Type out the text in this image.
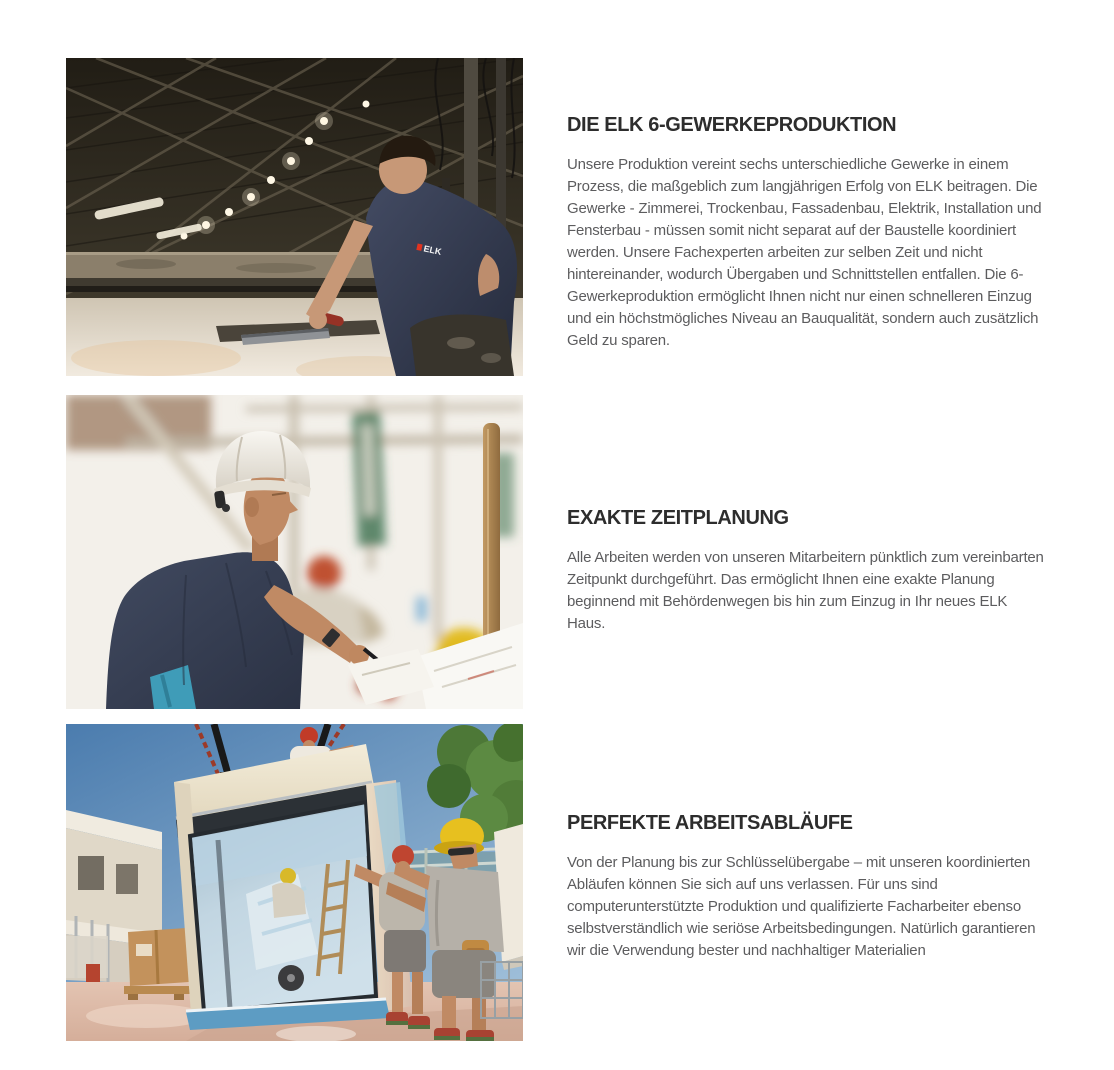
ELK
DIE ELK 6-GEWERKEPRODUKTION

Unsere Produktion vereint sechs unterschiedliche Gewerke in einem Prozess, die maßgeblich zum langjährigen Erfolg von ELK beitragen. Die Gewerke - Zimmerei, Trockenbau, Fassadenbau, Elektrik, Installation und Fensterbau - müssen somit nicht separat auf der Baustelle koordiniert werden. Unsere Fachexperten arbeiten zur selben Zeit und nicht hintereinander, wodurch Übergaben und Schnittstellen entfallen. Die 6-Gewerkeproduktion ermöglicht Ihnen nicht nur einen schnelleren Einzug und ein höchstmögliches Niveau an Bauqualität, sondern auch zusätzlich Geld zu sparen.

EXAKTE ZEITPLANUNG

Alle Arbeiten werden von unseren Mitarbeitern pünktlich zum vereinbarten Zeitpunkt durchgeführt. Das ermöglicht Ihnen eine exakte Planung beginnend mit Behördenwegen bis hin zum Einzug in Ihr neues ELK Haus.

PERFEKTE ARBEITSABLÄUFE

Von der Planung bis zur Schlüsselübergabe – mit unseren koordinierten Abläufen können Sie sich auf uns verlassen. Für uns sind computerunterstützte Produktion und qualifizierte Facharbeiter ebenso selbstverständlich wie seriöse Arbeitsbedingungen. Natürlich garantieren wir die Verwendung bester und nachhaltiger Materialien
